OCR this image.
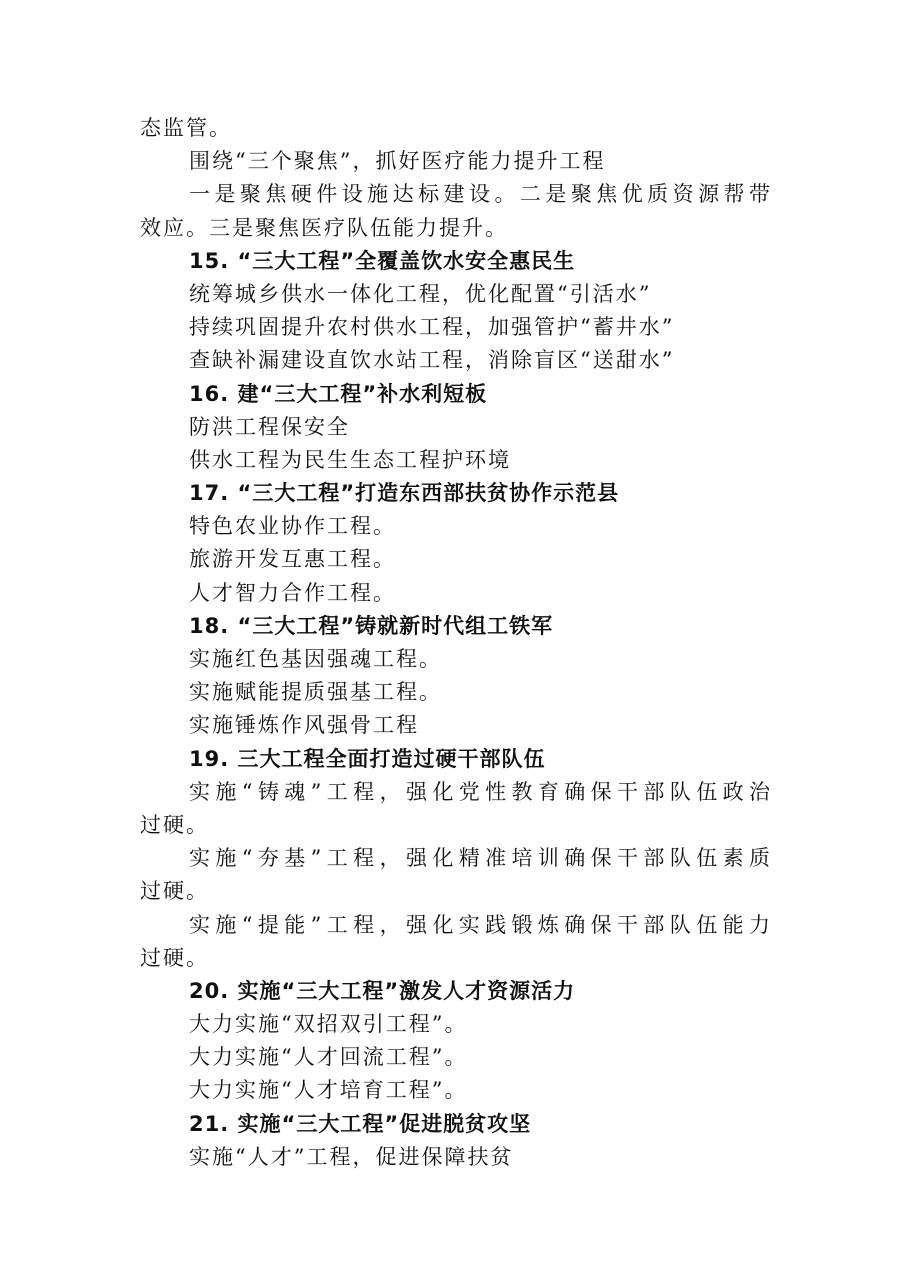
态监管。
围绕“三个聚焦”，抓好医疗能力提升工程
一是聚焦硬件设施达标建设。二是聚焦优质资源帮带
效应。三是聚焦医疗队伍能力提升。
15. “三大工程”全覆盖饮水安全惠民生
统筹城乡供水一体化工程，优化配置“引活水”
持续巩固提升农村供水工程，加强管护“蓄井水”
查缺补漏建设直饮水站工程，消除盲区“送甜水”
16. 建“三大工程”补水利短板
防洪工程保安全
供水工程为民生生态工程护环境
17. “三大工程”打造东西部扶贫协作示范县
特色农业协作工程。
旅游开发互惠工程。
人才智力合作工程。
18. “三大工程”铸就新时代组工铁军
实施红色基因强魂工程。
实施赋能提质强基工程。
实施锤炼作风强骨工程
19. 三大工程全面打造过硬干部队伍
实施“铸魂”工程，强化党性教育确保干部队伍政治
过硬。
实施“夯基”工程，强化精准培训确保干部队伍素质
过硬。
实施“提能”工程，强化实践锻炼确保干部队伍能力
过硬。
20. 实施“三大工程”激发人才资源活力
大力实施“双招双引工程”。
大力实施“人才回流工程”。
大力实施“人才培育工程”。
21. 实施“三大工程”促进脱贫攻坚
实施“人才”工程，促进保障扶贫
